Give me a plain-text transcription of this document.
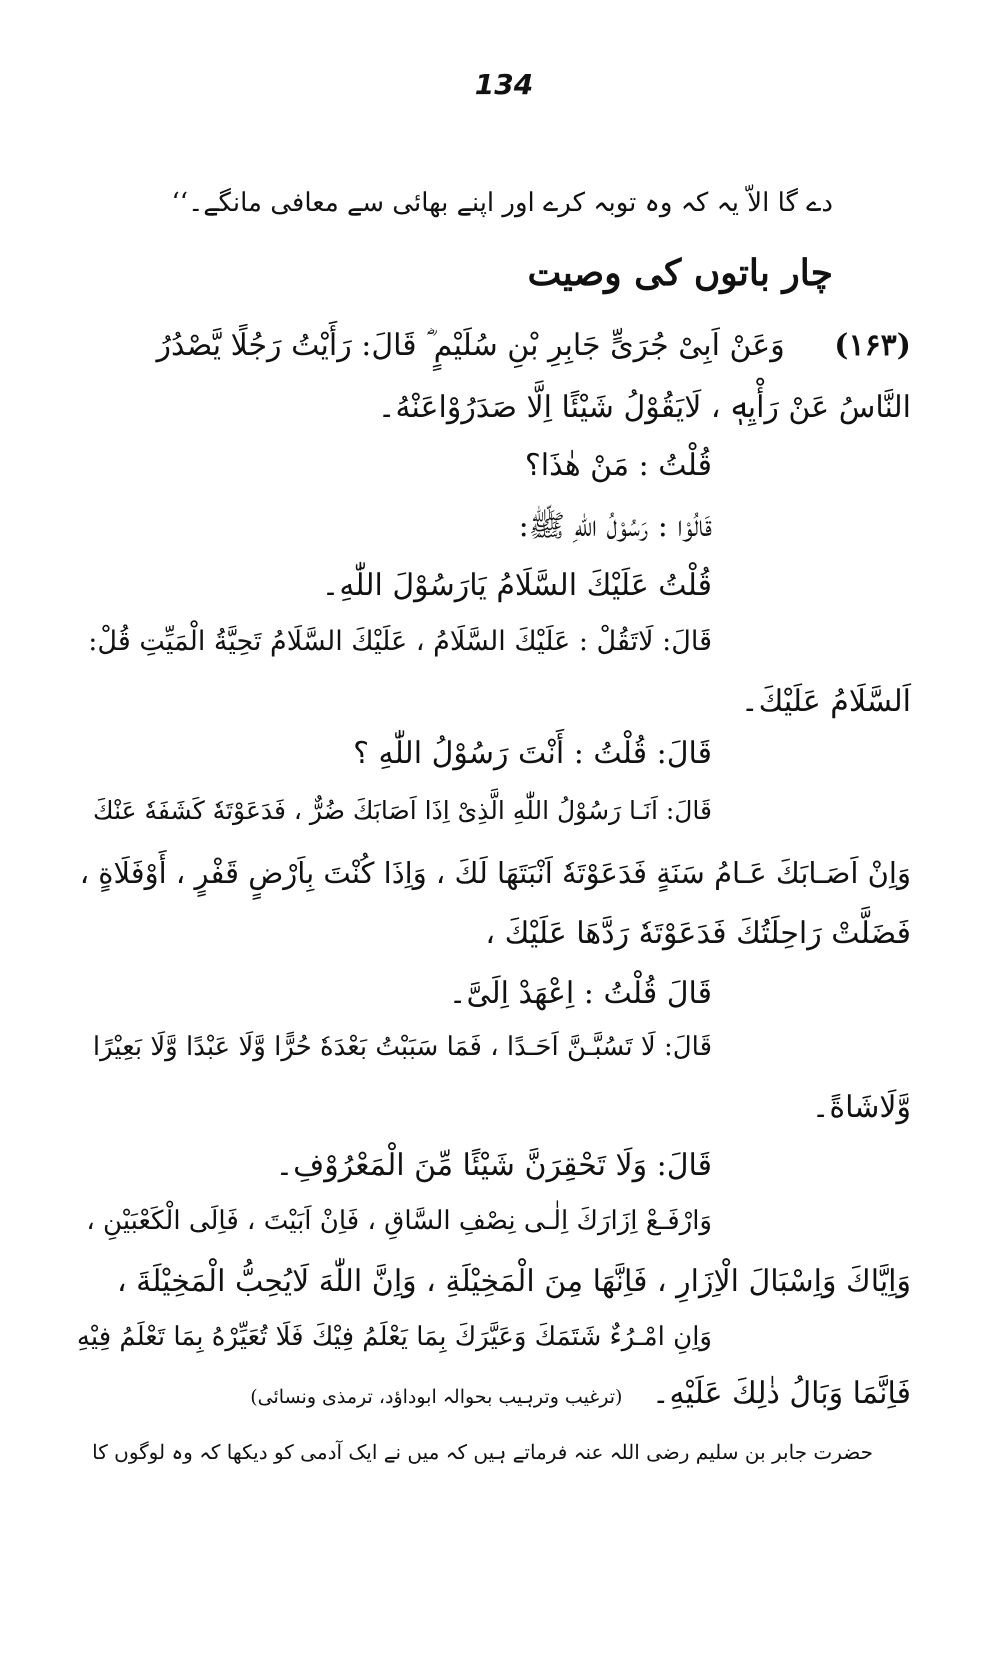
134
دے گا الاّ یہ کہ وہ توبہ کرے اور اپنے بھائی سے معافی مانگے۔‘‘
چار باتوں کی وصیت
(۱۶۳) وَعَنْ اَبِیْ جُرَیٍّ جَابِرِ بْنِ سُلَیْمٍ ؓ قَالَ: رَأَیْتُ رَجُلًا یَّصْدُرُ
النَّاسُ عَنْ رَأْیِهٖ ، لَایَقُوْلُ شَیْئًا اِلَّا صَدَرُوْاعَنْهُ۔
قُلْتُ : مَنْ هٰذَا؟
قَالُوْا : رَسُوْلُ اللّٰهِ ﷺ:
قُلْتُ عَلَیْكَ السَّلَامُ یَارَسُوْلَ اللّٰهِ۔
قَالَ: لَاتَقُلْ : عَلَیْكَ السَّلَامُ ، عَلَیْكَ السَّلَامُ تَحِیَّةُ الْمَیِّتِ قُلْ:
اَلسَّلَامُ عَلَیْكَ۔
قَالَ: قُلْتُ : أَنْتَ رَسُوْلُ اللّٰهِ ؟
قَالَ: اَنَـا رَسُوْلُ اللّٰهِ الَّذِیْ اِذَا اَصَابَكَ ضُرٌّ ، فَدَعَوْتَهٗ كَشَفَهٗ عَنْكَ
وَاِنْ اَصَـابَكَ عَـامُ سَنَةٍ فَدَعَوْتَهٗ اَنْبَتَهَا لَكَ ، وَاِذَا كُنْتَ بِاَرْضٍ قَفْرٍ ، أَوْفَلَاةٍ ،
فَضَلَّتْ رَاحِلَتُكَ فَدَعَوْتَهٗ رَدَّهَا عَلَیْكَ ،
قَالَ قُلْتُ : اِعْهَدْ اِلَیَّ۔
قَالَ: لَا تَسُبَّـنَّ اَحَـدًا ، فَمَا سَبَبْتُ بَعْدَهٗ حُرًّا وَّلَا عَبْدًا وَّلَا بَعِیْرًا
وَّلَاشَاةً۔
قَالَ: وَلَا تَحْقِرَنَّ شَیْئًا مِّنَ الْمَعْرُوْفِ۔
وَارْفَـعْ اِزَارَكَ اِلٰـى نِصْفِ السَّاقِ ، فَاِنْ اَبَیْتَ ، فَاِلَى الْكَعْبَیْنِ ،
وَاِیَّاكَ وَاِسْبَالَ الْاِزَارِ ، فَاِنَّهَا مِنَ الْمَخِیْلَةِ ، وَاِنَّ اللّٰهَ لَایُحِبُّ الْمَخِیْلَةَ ،
وَاِنِ امْـرُءٌ شَتَمَكَ وَعَیَّرَكَ بِمَا یَعْلَمُ فِیْكَ فَلَا تُعَیِّرْهُ بِمَا تَعْلَمُ فِیْهِ
فَاِنَّمَا وَبَالُ ذٰلِكَ عَلَیْهِ۔ (ترغیب وترہیب بحوالہ ابوداؤد، ترمذی ونسائی)
حضرت جابر بن سلیم رضی اللہ عنہ فرماتے ہیں کہ میں نے ایک آدمی کو دیکھا کہ وہ لوگوں کا
